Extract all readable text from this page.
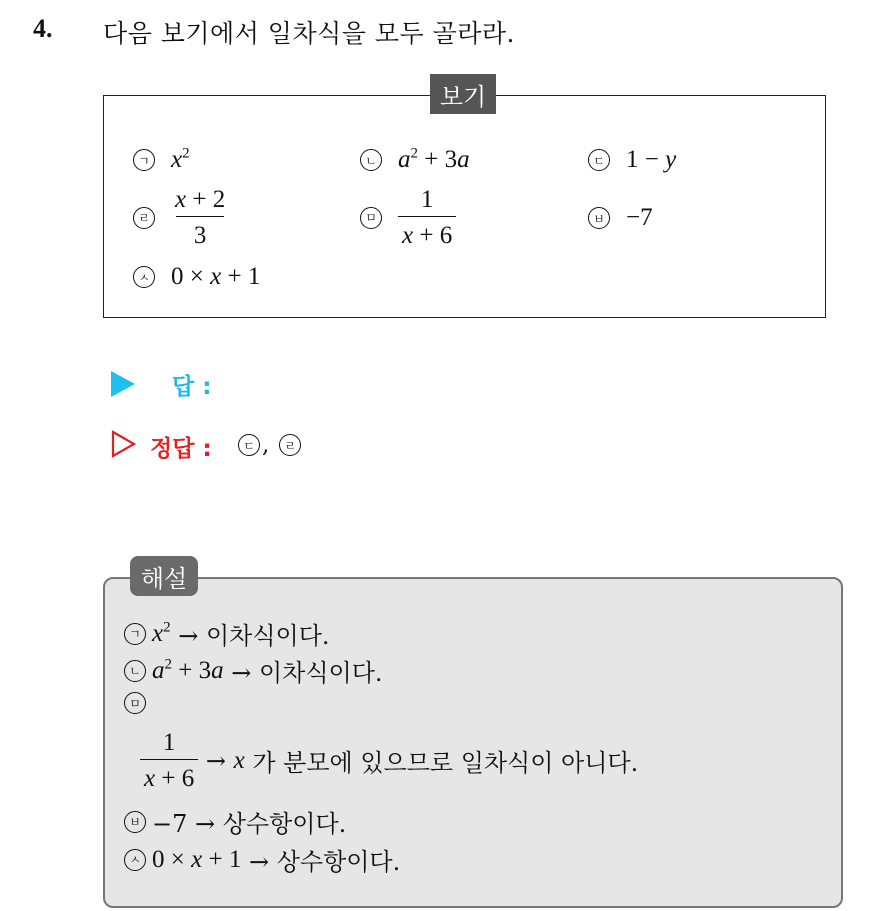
4. 다음 보기에서 일차식을 모두 골라라.
보기
ㄱ $x^2$	ㄴ $a^2 + 3a$	ㄷ 1 − y
ㄹ $\frac{x + 2}{3}$	ㅁ $\frac{1}{x + 6}$	ㅂ −7
ㅅ 0 × x + 1
답 :
정답 :	ㄷ ,	ㄹ
해설
ㄱ $x^2$ → 이차식이다.
ㄴ $a^2 + 3a$ → 이차식이다.
ㅁ
$\frac{1}{x + 6} \to x$ 가 분모에 있으므로 일차식이 아니다.
ㅂ −7 → 상수항이다.
ㅅ 0 × x + 1 → 상수항이다.
